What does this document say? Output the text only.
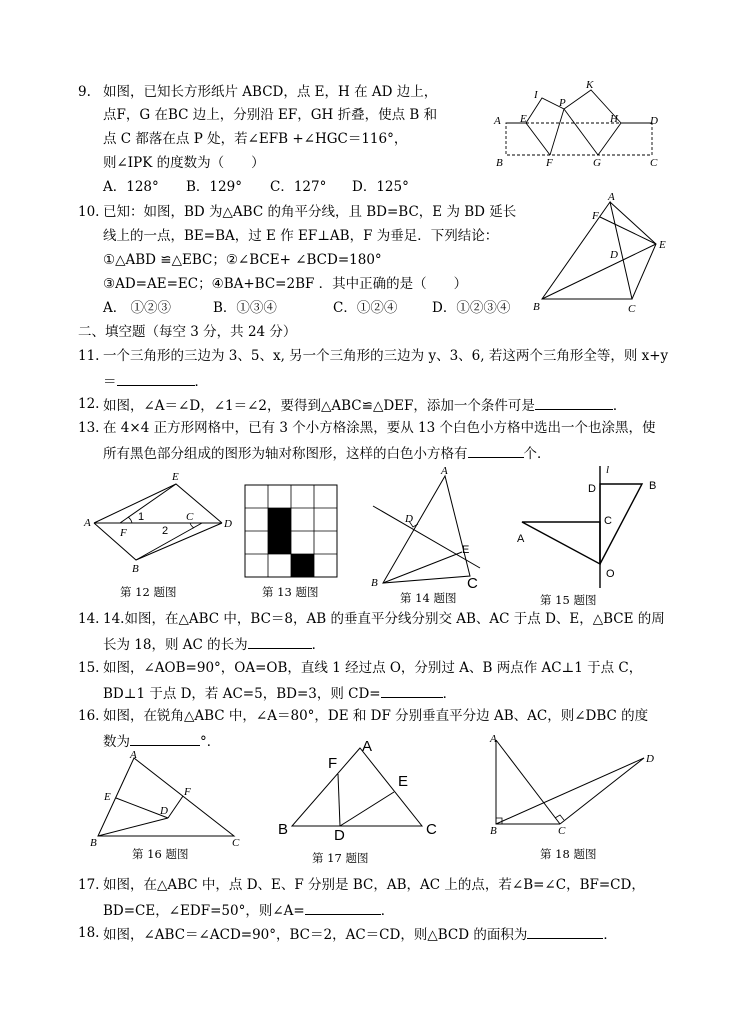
9. 如图，已知长方形纸片 ABCD，点 E，H 在 AD 边上，
点F，G 在BC 边上，分别沿 EF，GH 折叠，使点 B 和
点 C 都落在点 P 处，若∠EFB +∠HGC＝116°，
则∠IPK 的度数为（　　）
A．128° B．129° C．127° D．125°
A
B	C
D
E
F	G
H
I
K
P
10. 已知：如图，BD 为△ABC 的角平分线，且 BD=BC，E 为 BD 延长
线上的一点，BE=BA，过 E 作 EF⊥AB，F 为垂足．下列结论：
①△ABD ≌△EBC；②∠BCE+ ∠BCD=180°
③AD=AE=EC；④BA+BC=2BF ．其中正确的是（　　）
A． ①②③	B．①③④	C．①②④	D．①②③④
A
F
E
D
B	C
二、填空题（每空 3 分，共 24 分）
11. 一个三角形的三边为 3、5、x, 另一个三角形的三边为 y、3、6, 若这两个三角形全等，则 x+y
＝	．
12. 如图，∠A＝∠D，∠1＝∠2，要得到△ABC≌△DEF，添加一个条件可是	．
13. 在 4×4 正方形网格中，已有 3 个小方格涂黑，要从 13 个白色小方格中选出一个也涂黑，使
所有黑色部分组成的图形为轴对称图形，这样的白色小方格有	个．
E
A	1	C
D
F	2
B
第 12 题图	第 13 题图
A
D
E
B	C
第 14 题图
l
D	B
C
A
O
第 15 题图
14. 14.如图，在△ABC 中，BC＝8，AB 的垂直平分线分别交 AB、AC 于点 D、E，△BCE 的周
长为 18，则 AC 的长为	．
15. 如图，∠AOB=90°，OA=OB，直线 1 经过点 O，分别过 A、B 两点作 AC⊥1 于点 C，
BD⊥1 于点 D，若 AC=5，BD=3，则 CD=	．
16. 如图，在锐角△ABC 中，∠A＝80°，DE 和 DF 分别垂直平分边 AB、AC，则∠DBC 的度
数为	°．
A
E	F
D
B	C
第 16 题图
A
F
E
B	D	C
第 17 题图
A
D
B	C
第 18 题图
17. 如图，在△ABC 中，点 D、E、F 分别是 BC，AB，AC 上的点，若∠B=∠C，BF=CD，
BD=CE，∠EDF=50°，则∠A=	．
18. 如图，∠ABC＝∠ACD=90°，BC＝2，AC＝CD，则△BCD 的面积为	．
